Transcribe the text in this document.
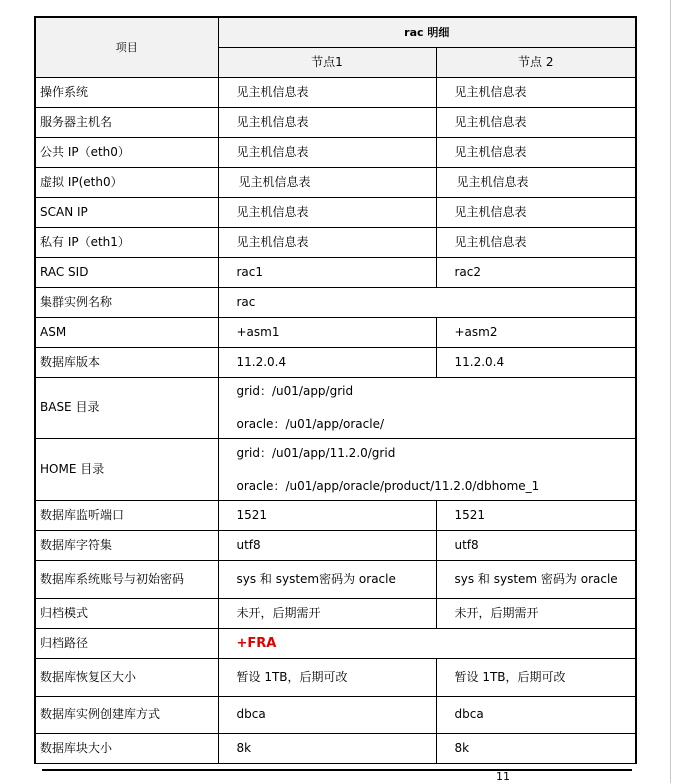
项目	rac 明细	
	节点1	节点 2
操作系统	见主机信息表	见主机信息表
服务器主机名	见主机信息表	见主机信息表
公共 IP（eth0）	见主机信息表	见主机信息表
虚拟 IP(eth0）	见主机信息表	见主机信息表
SCAN IP	见主机信息表	见主机信息表
私有 IP（eth1）	见主机信息表	见主机信息表
RAC SID	rac1	rac2
集群实例名称	rac	
ASM	+asm1	+asm2
数据库版本	11.2.0.4	11.2.0.4
BASE 目录	grid：/u01/app/grid
oracle：/u01/app/oracle/	

HOME 目录	grid：/u01/app/11.2.0/grid
oracle：/u01/app/oracle/product/11.2.0/dbhome_1	

数据库监听端口	1521	1521
数据库字符集	utf8	utf8
数据库系统账号与初始密码	sys 和 system密码为 oracle	sys 和 system 密码为 oracle
归档模式	未开，后期需开	未开，后期需开
归档路径	+FRA	
数据库恢复区大小	暂设 1TB，后期可改	暂设 1TB，后期可改
数据库实例创建库方式	dbca	dbca
数据库块大小	8k	8k
11
